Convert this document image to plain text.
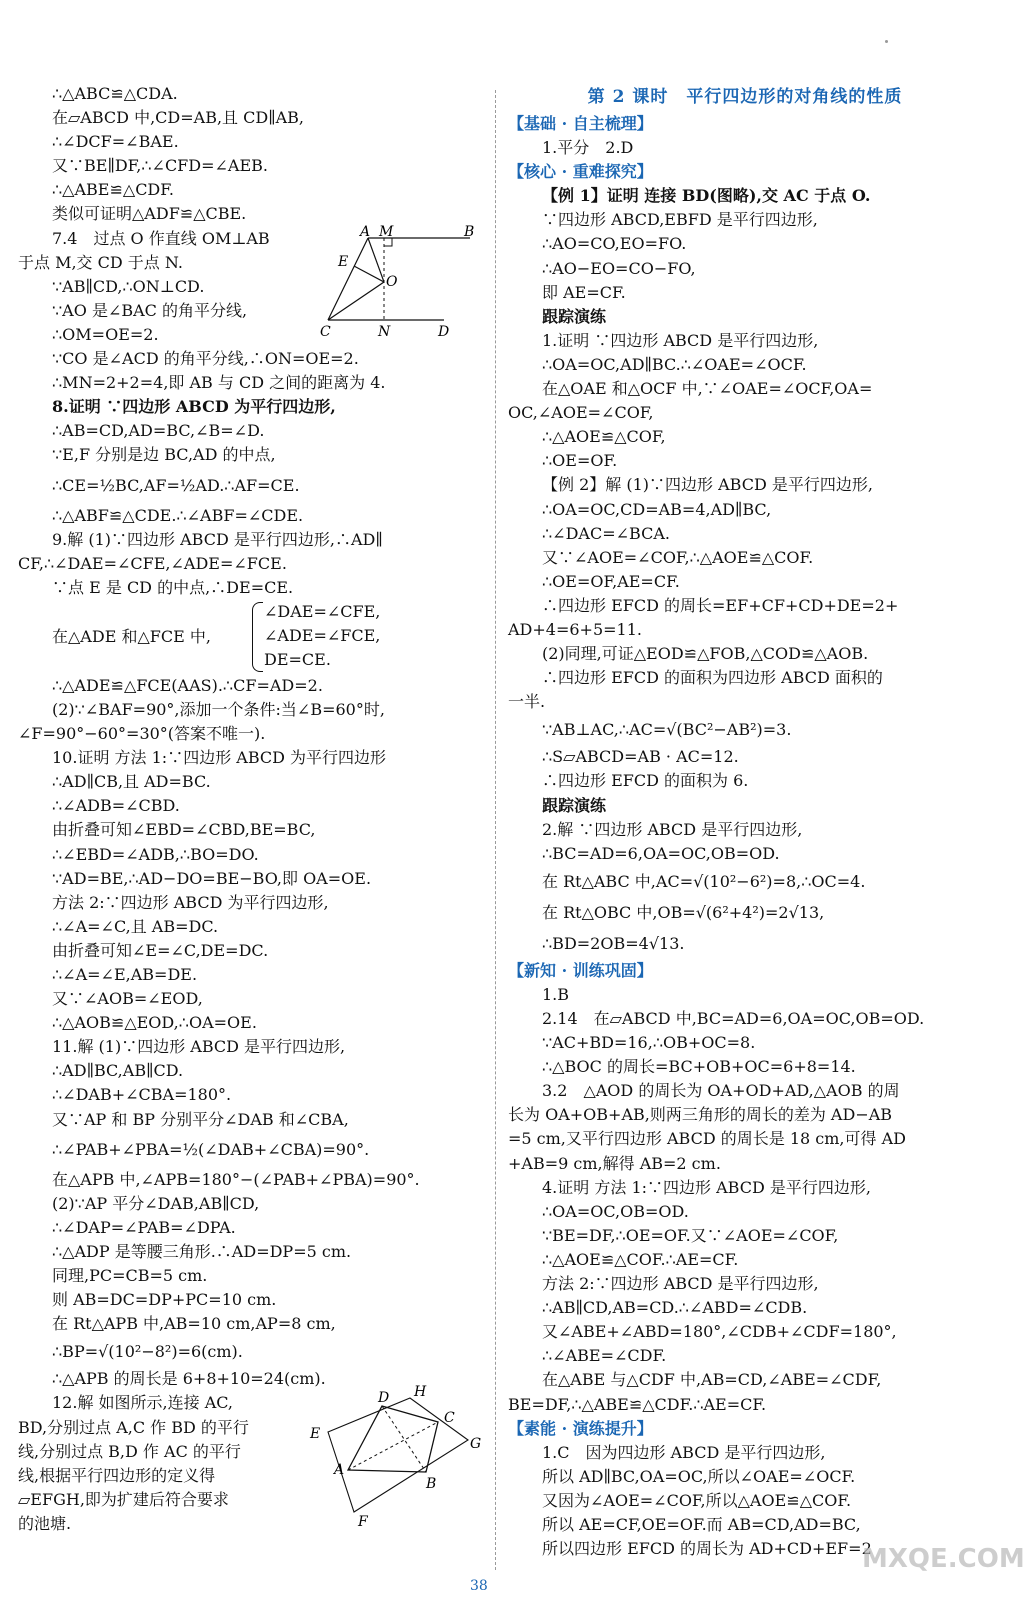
∴△ABC≌△CDA.
在▱ABCD 中,CD=AB,且 CD∥AB,
∴∠DCF=∠BAE.
又∵BE∥DF,∴∠CFD=∠AEB.
∴△ABE≌△CDF.
类似可证明△ADF≌△CBE.
7.4　过点 O 作直线 OM⊥AB
于点 M,交 CD 于点 N.
∵AB∥CD,∴ON⊥CD.
∵AO 是∠BAC 的角平分线,
∴OM=OE=2.
∵CO 是∠ACD 的角平分线,∴ON=OE=2.
∴MN=2+2=4,即 AB 与 CD 之间的距离为 4.
8.证明 ∵四边形 ABCD 为平行四边形,
∴AB=CD,AD=BC,∠B=∠D.
∵E,F 分别是边 BC,AD 的中点,
∴CE=½BC,AF=½AD.∴AF=CE.
∴△ABF≌△CDE.∴∠ABF=∠CDE.
9.解 (1)∵四边形 ABCD 是平行四边形,∴AD∥
CF,∴∠DAE=∠CFE,∠ADE=∠FCE.
∵点 E 是 CD 的中点,∴DE=CE.
在△ADE 和△FCE 中,
∠DAE=∠CFE,
∠ADE=∠FCE,
DE=CE.
∴△ADE≌△FCE(AAS).∴CF=AD=2.
(2)∵∠BAF=90°,添加一个条件:当∠B=60°时,
∠F=90°−60°=30°(答案不唯一).
10.证明 方法 1:∵四边形 ABCD 为平行四边形
∴AD∥CB,且 AD=BC.
∴∠ADB=∠CBD.
由折叠可知∠EBD=∠CBD,BE=BC,
∴∠EBD=∠ADB,∴BO=DO.
∵AD=BE,∴AD−DO=BE−BO,即 OA=OE.
方法 2:∵四边形 ABCD 为平行四边形,
∴∠A=∠C,且 AB=DC.
由折叠可知∠E=∠C,DE=DC.
∴∠A=∠E,AB=DE.
又∵∠AOB=∠EOD,
∴△AOB≌△EOD,∴OA=OE.
11.解 (1)∵四边形 ABCD 是平行四边形,
∴AD∥BC,AB∥CD.
∴∠DAB+∠CBA=180°.
又∵AP 和 BP 分别平分∠DAB 和∠CBA,
∴∠PAB+∠PBA=½(∠DAB+∠CBA)=90°.
在△APB 中,∠APB=180°−(∠PAB+∠PBA)=90°.
(2)∵AP 平分∠DAB,AB∥CD,
∴∠DAP=∠PAB=∠DPA.
∴△ADP 是等腰三角形.∴AD=DP=5 cm.
同理,PC=CB=5 cm.
则 AB=DC=DP+PC=10 cm.
在 Rt△APB 中,AB=10 cm,AP=8 cm,
∴BP=√(10²−8²)=6(cm).
∴△APB 的周长是 6+8+10=24(cm).
12.解 如图所示,连接 AC,
BD,分别过点 A,C 作 BD 的平行
线,分别过点 B,D 作 AC 的平行
线,根据平行四边形的定义得
▱EFGH,即为扩建后符合要求
的池塘.
A M	B
E
O
C	N	D
D H
E
C
G
A
B
F
第 2 课时　平行四边形的对角线的性质
【基础 · 自主梳理】
1.平分　2.D
【核心 · 重难探究】
【例 1】证明 连接 BD(图略),交 AC 于点 O.
∵四边形 ABCD,EBFD 是平行四边形,
∴AO=CO,EO=FO.
∴AO−EO=CO−FO,
即 AE=CF.
跟踪演练
1.证明 ∵四边形 ABCD 是平行四边形,
∴OA=OC,AD∥BC.∴∠OAE=∠OCF.
在△OAE 和△OCF 中,∵∠OAE=∠OCF,OA=
OC,∠AOE=∠COF,
∴△AOE≌△COF,
∴OE=OF.
【例 2】解 (1)∵四边形 ABCD 是平行四边形,
∴OA=OC,CD=AB=4,AD∥BC,
∴∠DAC=∠BCA.
又∵∠AOE=∠COF,∴△AOE≌△COF.
∴OE=OF,AE=CF.
∴四边形 EFCD 的周长=EF+CF+CD+DE=2+
AD+4=6+5=11.
(2)同理,可证△EOD≌△FOB,△COD≌△AOB.
∴四边形 EFCD 的面积为四边形 ABCD 面积的
一半.
∵AB⊥AC,∴AC=√(BC²−AB²)=3.
∴S▱ABCD=AB · AC=12.
∴四边形 EFCD 的面积为 6.
跟踪演练
2.解 ∵四边形 ABCD 是平行四边形,
∴BC=AD=6,OA=OC,OB=OD.
在 Rt△ABC 中,AC=√(10²−6²)=8,∴OC=4.
在 Rt△OBC 中,OB=√(6²+4²)=2√13,
∴BD=2OB=4√13.
【新知 · 训练巩固】
1.B
2.14　在▱ABCD 中,BC=AD=6,OA=OC,OB=OD.
∵AC+BD=16,∴OB+OC=8.
∴△BOC 的周长=BC+OB+OC=6+8=14.
3.2　△AOD 的周长为 OA+OD+AD,△AOB 的周
长为 OA+OB+AB,则两三角形的周长的差为 AD−AB
=5 cm,又平行四边形 ABCD 的周长是 18 cm,可得 AD
+AB=9 cm,解得 AB=2 cm.
4.证明 方法 1:∵四边形 ABCD 是平行四边形,
∴OA=OC,OB=OD.
∵BE=DF,∴OE=OF.又∵∠AOE=∠COF,
∴△AOE≌△COF.∴AE=CF.
方法 2:∵四边形 ABCD 是平行四边形,
∴AB∥CD,AB=CD.∴∠ABD=∠CDB.
又∠ABE+∠ABD=180°,∠CDB+∠CDF=180°,
∴∠ABE=∠CDF.
在△ABE 与△CDF 中,AB=CD,∠ABE=∠CDF,
BE=DF,∴△ABE≌△CDF.∴AE=CF.
【素能 · 演练提升】
1.C　因为四边形 ABCD 是平行四边形,
所以 AD∥BC,OA=OC,所以∠OAE=∠OCF.
又因为∠AOE=∠COF,所以△AOE≌△COF.
所以 AE=CF,OE=OF.而 AB=CD,AD=BC,
所以四边形 EFCD 的周长为 AD+CD+EF=2
38
MXQE.COM
